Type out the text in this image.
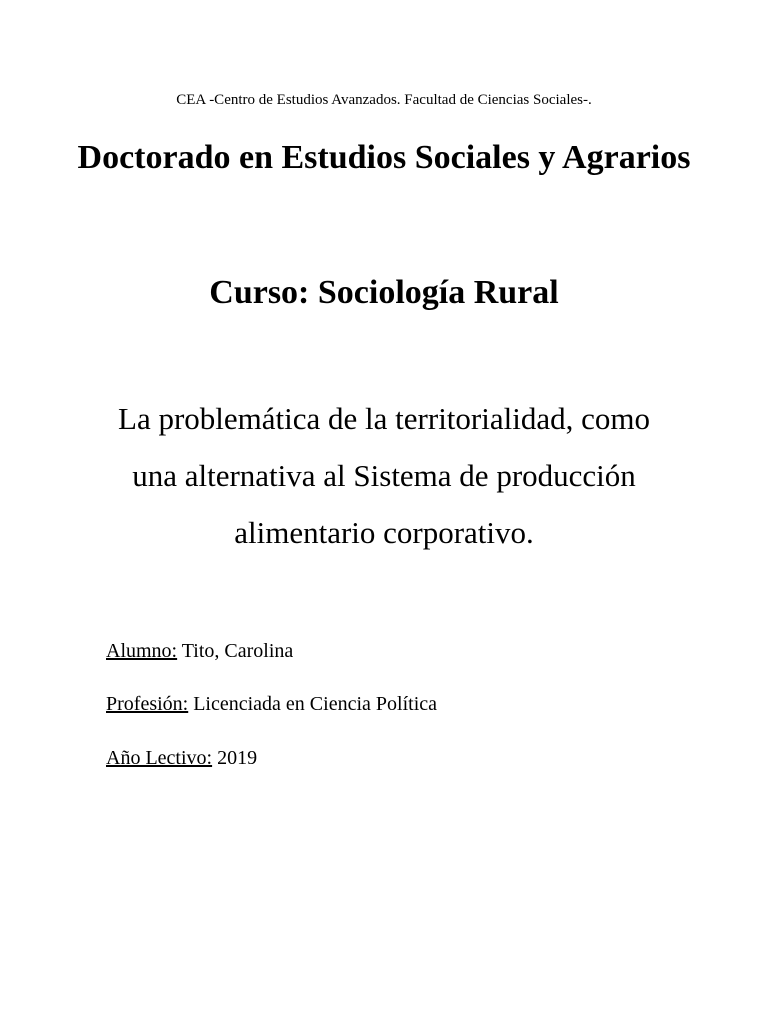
CEA -Centro de Estudios Avanzados. Facultad de Ciencias Sociales-.
Doctorado en Estudios Sociales y Agrarios
Curso: Sociología Rural

La problemática de la territorialidad, como una alternativa al Sistema de producción alimentario corporativo.

Alumno: Tito, Carolina
Profesión: Licenciada en Ciencia Política
Año Lectivo: 2019
